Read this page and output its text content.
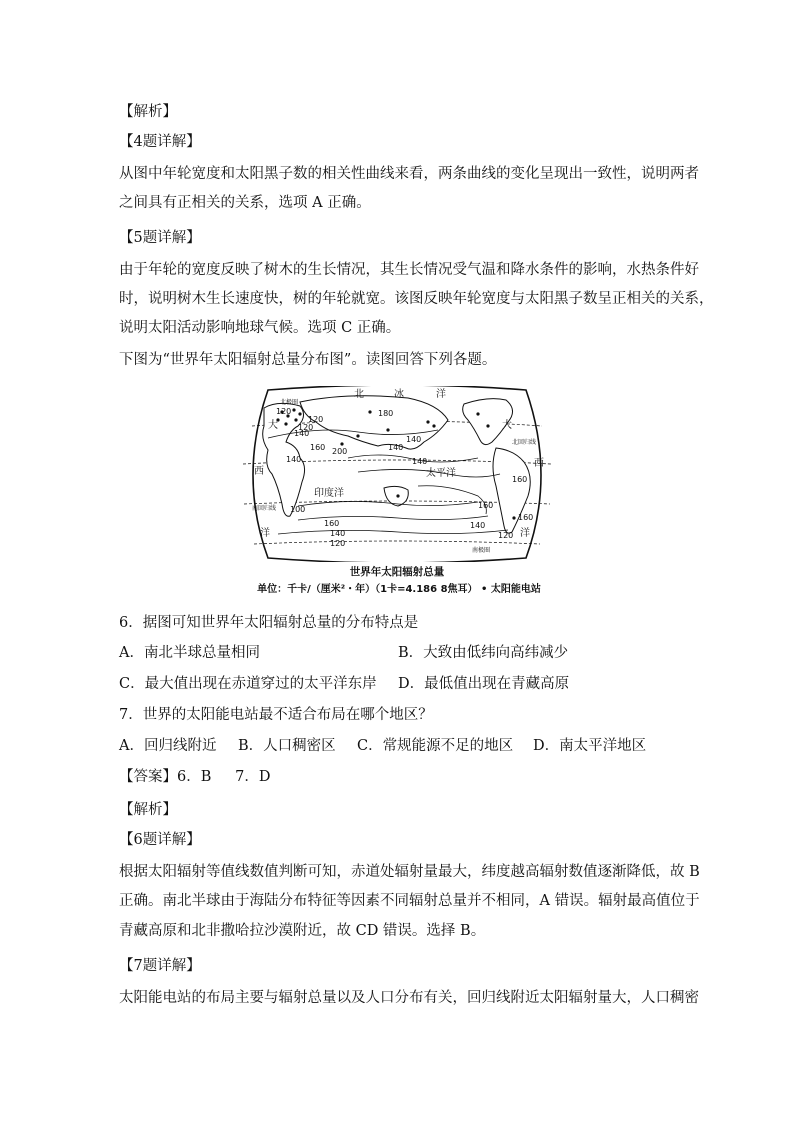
【解析】
【4题详解】
从图中年轮宽度和太阳黑子数的相关性曲线来看，两条曲线的变化呈现出一致性，说明两者
之间具有正相关的关系，选项 A 正确。
【5题详解】
由于年轮的宽度反映了树木的生长情况，其生长情况受气温和降水条件的影响，水热条件好
时，说明树木生长速度快，树的年轮就宽。该图反映年轮宽度与太阳黑子数呈正相关的关系，
说明太阳活动影响地球气候。选项 C 正确。
下图为“世界年太阳辐射总量分布图”。读图回答下列各题。
北	冰	洋
大	大
西
西
洋	洋
太平洋
印度洋
北极圈
北回归线
南回归线
南极圈
120
140
160 200
140
140
160
160
140
120
140	120
100
160
160
140
120
140
120
180
世界年太阳辐射总量
单位：千卡/（厘米²・年）（1卡=4.186 8焦耳） • 太阳能电站
6．据图可知世界年太阳辐射总量的分布特点是
A．南北半球总量相同	B．大致由低纬向高纬减少
C．最大值出现在赤道穿过的太平洋东岸 D．最低值出现在青藏高原
7．世界的太阳能电站最不适合布局在哪个地区？
A．回归线附近 B．人口稠密区 C．常规能源不足的地区 D．南太平洋地区
【答案】6．B 　 7．D
【解析】
【6题详解】
根据太阳辐射等值线数值判断可知，赤道处辐射量最大，纬度越高辐射数值逐渐降低，故 B
正确。南北半球由于海陆分布特征等因素不同辐射总量并不相同，A 错误。辐射最高值位于
青藏高原和北非撒哈拉沙漠附近，故 CD 错误。选择 B。
【7题详解】
太阳能电站的布局主要与辐射总量以及人口分布有关，回归线附近太阳辐射量大，人口稠密
